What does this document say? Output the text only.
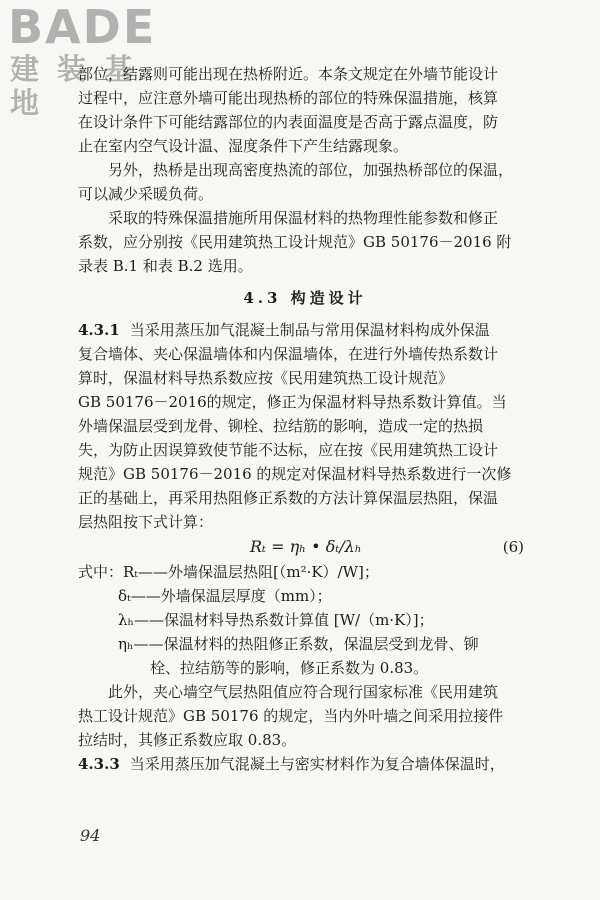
BADE
建装基地
部位，结露则可能出现在热桥附近。本条文规定在外墙节能设计
过程中，应注意外墙可能出现热桥的部位的特殊保温措施，核算
在设计条件下可能结露部位的内表面温度是否高于露点温度，防
止在室内空气设计温、湿度条件下产生结露现象。
另外，热桥是出现高密度热流的部位，加强热桥部位的保温，
可以减少采暖负荷。
采取的特殊保温措施所用保温材料的热物理性能参数和修正
系数，应分别按《民用建筑热工设计规范》GB 50176－2016 附
录表 B.1 和表 B.2 选用。
4.3 构造设计
4.3.1 当采用蒸压加气混凝土制品与常用保温材料构成外保温
复合墙体、夹心保温墙体和内保温墙体，在进行外墙传热系数计
算时，保温材料导热系数应按《民用建筑热工设计规范》
GB 50176－2016的规定，修正为保温材料导热系数计算值。当
外墙保温层受到龙骨、铆栓、拉结筋的影响，造成一定的热损
失，为防止因误算致使节能不达标，应在按《民用建筑热工设计
规范》GB 50176－2016 的规定对保温材料导热系数进行一次修
正的基础上，再采用热阻修正系数的方法计算保温层热阻，保温
层热阻按下式计算：
Rₜ = ηₕ • δₜ/λₕ	(6)
式中：Rₜ——外墙保温层热阻[（m²·K）/W]；
δₜ——外墙保温层厚度（mm）；
λₕ——保温材料导热系数计算值 [W/（m·K）]；
ηₕ——保温材料的热阻修正系数，保温层受到龙骨、铆
栓、拉结筋等的影响，修正系数为 0.83。
此外，夹心墙空气层热阻值应符合现行国家标准《民用建筑
热工设计规范》GB 50176 的规定，当内外叶墙之间采用拉接件
拉结时，其修正系数应取 0.83。
4.3.3 当采用蒸压加气混凝土与密实材料作为复合墙体保温时，
94
